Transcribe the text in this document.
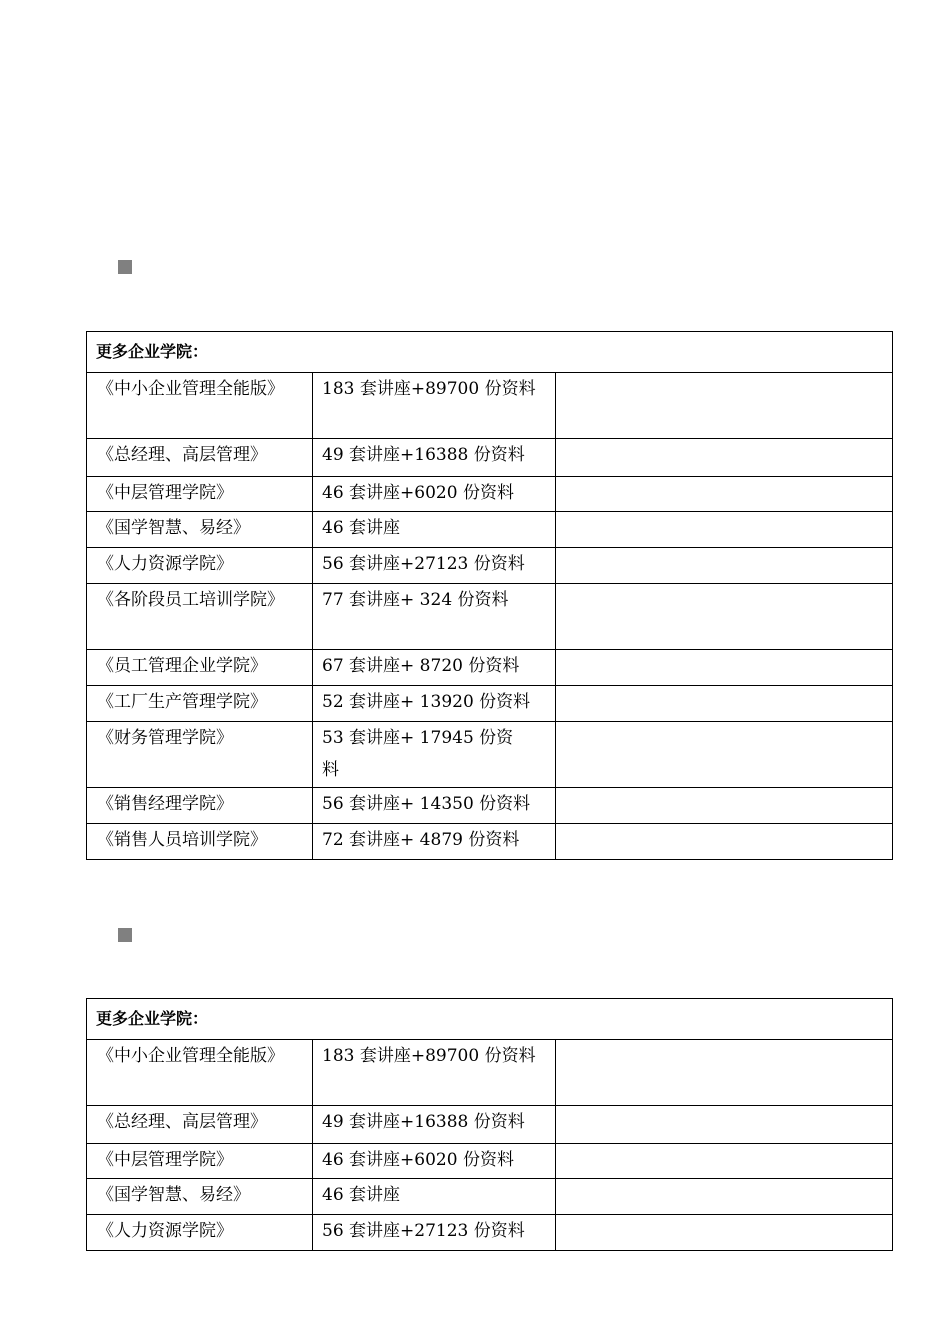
更多企业学院：		
《中小企业管理全能版》	183 套讲座+89700 份资料	
《总经理、高层管理》	49 套讲座+16388 份资料	
《中层管理学院》	46 套讲座+6020 份资料	
《国学智慧、易经》	46 套讲座	
《人力资源学院》	56 套讲座+27123 份资料	
《各阶段员工培训学院》	77 套讲座+ 324 份资料	
《员工管理企业学院》	67 套讲座+ 8720 份资料	
《工厂生产管理学院》	52 套讲座+ 13920 份资料	
《财务管理学院》	53 套讲座+ 17945 份资料	
《销售经理学院》	56 套讲座+ 14350 份资料	
《销售人员培训学院》	72 套讲座+ 4879 份资料	
更多企业学院：		
《中小企业管理全能版》	183 套讲座+89700 份资料	
《总经理、高层管理》	49 套讲座+16388 份资料	
《中层管理学院》	46 套讲座+6020 份资料	
《国学智慧、易经》	46 套讲座	
《人力资源学院》	56 套讲座+27123 份资料	
